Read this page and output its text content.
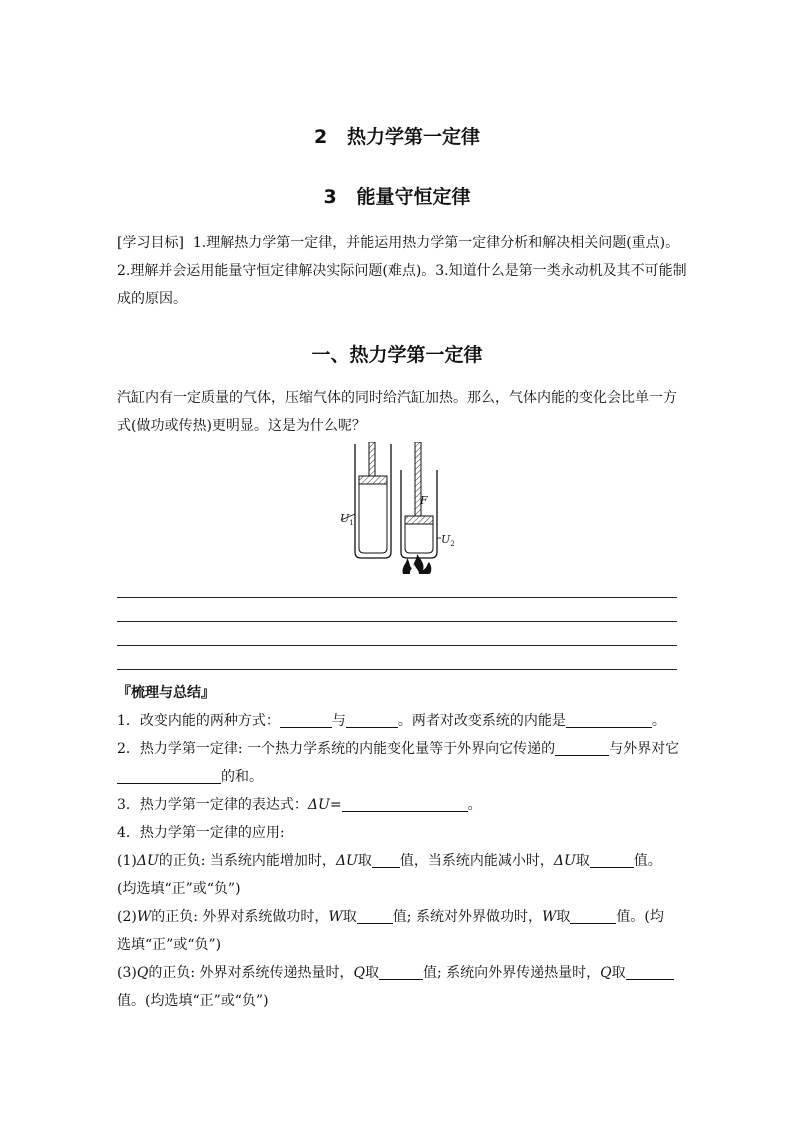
2   热力学第一定律
3   能量守恒定律
[学习目标] 1.理解热力学第一定律，并能运用热力学第一定律分析和解决相关问题(重点)。
2.理解并会运用能量守恒定律解决实际问题(难点)。3.知道什么是第一类永动机及其不可能制
成的原因。
一、热力学第一定律
汽缸内有一定质量的气体，压缩气体的同时给汽缸加热。那么，气体内能的变化会比单一方
式(做功或传热)更明显。这是为什么呢？
$U_1$
F
$U_2$
『梳理与总结』
1．改变内能的两种方式：	与	。两者对改变系统的内能是	。
2．热力学第一定律: 一个热力学系统的内能变化量等于外界向它传递的	与外界对它
的和。
3．热力学第一定律的表达式：ΔU=	。
4．热力学第一定律的应用:
(1)ΔU的正负: 当系统内能增加时，ΔU取 值，当系统内能减小时，ΔU取	值。
(均选填“正”或“负”)
(2)W的正负: 外界对系统做功时，W取	值; 系统对外界做功时，W取	值。(均
选填“正”或“负”)
(3)Q的正负: 外界对系统传递热量时，Q取	值; 系统向外界传递热量时，Q取
值。(均选填“正”或“负”)
